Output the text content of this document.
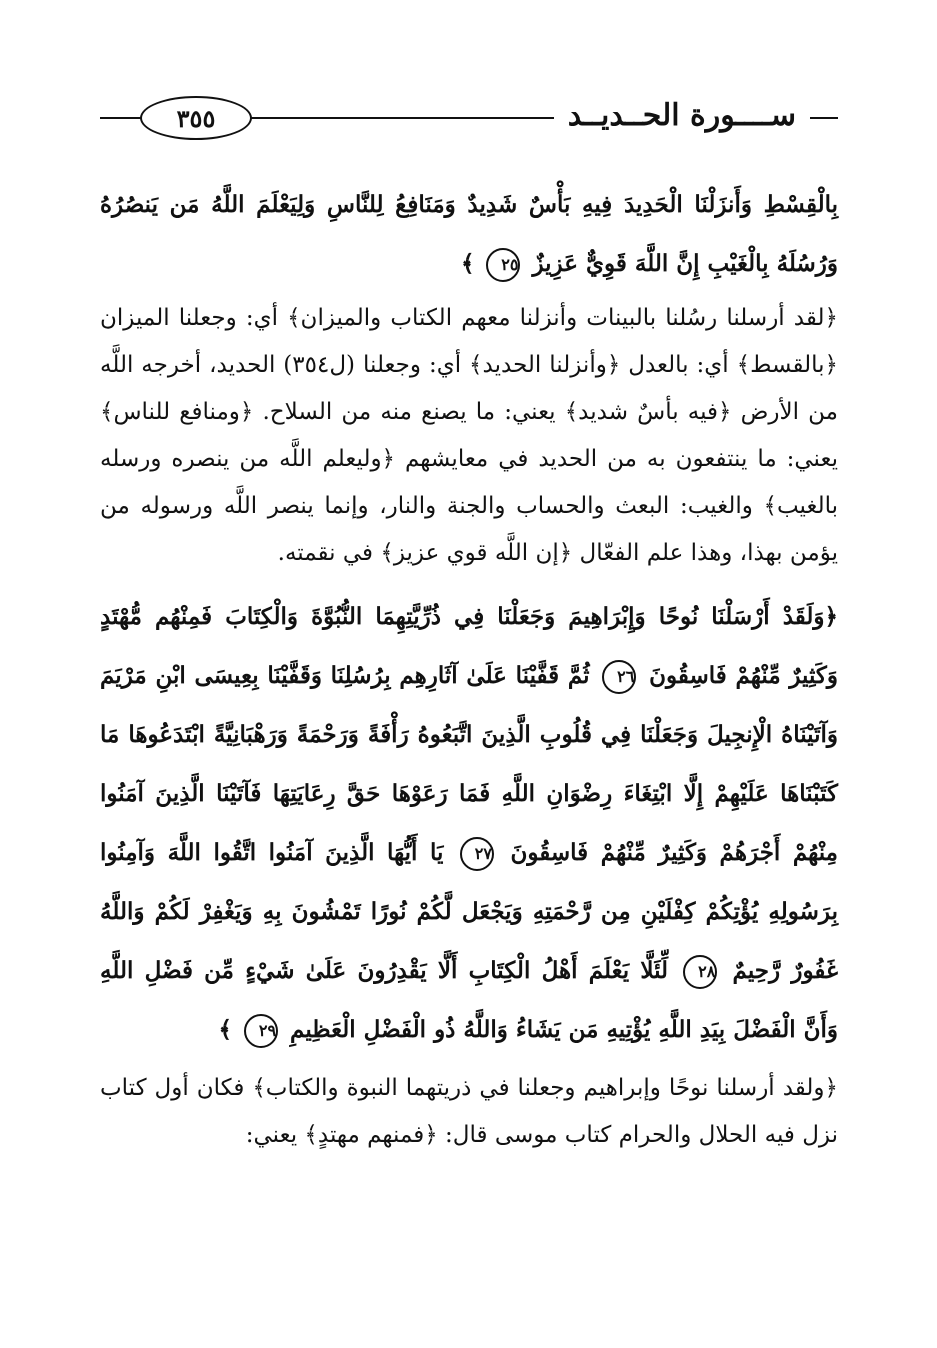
٣٥٥	ســــورة الحــديــد

بِالْقِسْطِ وَأَنزَلْنَا الْحَدِيدَ فِيهِ بَأْسٌ شَدِيدٌ وَمَنَافِعُ لِلنَّاسِ وَلِيَعْلَمَ اللَّهُ مَن يَنصُرُهُ وَرُسُلَهُ بِالْغَيْبِ إِنَّ اللَّهَ قَوِيٌّ عَزِيزٌ ٢٥ ﴾

﴿لقد أرسلنا رسُلنا بالبينات وأنزلنا معهم الكتاب والميزان﴾ أي: وجعلنا الميزان ﴿بالقسط﴾ أي: بالعدل ﴿وأنزلنا الحديد﴾ أي: وجعلنا (ل٣٥٤) الحديد، أخرجه اللَّه من الأرض ﴿فيه بأسٌ شديد﴾ يعني: ما يصنع منه من السلاح. ﴿ومنافع للناس﴾ يعني: ما ينتفعون به من الحديد في معايشهم ﴿وليعلم اللَّه من ينصره ورسله بالغيب﴾ والغيب: البعث والحساب والجنة والنار، وإنما ينصر اللَّه ورسوله من يؤمن بهذا، وهذا علم الفعّال ﴿إن اللَّه قوي عزيز﴾ في نقمته.

﴿وَلَقَدْ أَرْسَلْنَا نُوحًا وَإِبْرَاهِيمَ وَجَعَلْنَا فِي ذُرِّيَّتِهِمَا النُّبُوَّةَ وَالْكِتَابَ فَمِنْهُم مُّهْتَدٍ وَكَثِيرٌ مِّنْهُمْ فَاسِقُونَ ٢٦ ثُمَّ قَفَّيْنَا عَلَىٰ آثَارِهِم بِرُسُلِنَا وَقَفَّيْنَا بِعِيسَى ابْنِ مَرْيَمَ وَآتَيْنَاهُ الْإِنجِيلَ وَجَعَلْنَا فِي قُلُوبِ الَّذِينَ اتَّبَعُوهُ رَأْفَةً وَرَحْمَةً وَرَهْبَانِيَّةً ابْتَدَعُوهَا مَا كَتَبْنَاهَا عَلَيْهِمْ إِلَّا ابْتِغَاءَ رِضْوَانِ اللَّهِ فَمَا رَعَوْهَا حَقَّ رِعَايَتِهَا فَآتَيْنَا الَّذِينَ آمَنُوا مِنْهُمْ أَجْرَهُمْ وَكَثِيرٌ مِّنْهُمْ فَاسِقُونَ ٢٧ يَا أَيُّهَا الَّذِينَ آمَنُوا اتَّقُوا اللَّهَ وَآمِنُوا بِرَسُولِهِ يُؤْتِكُمْ كِفْلَيْنِ مِن رَّحْمَتِهِ وَيَجْعَل لَّكُمْ نُورًا تَمْشُونَ بِهِ وَيَغْفِرْ لَكُمْ وَاللَّهُ غَفُورٌ رَّحِيمٌ ٢٨ لِّئَلَّا يَعْلَمَ أَهْلُ الْكِتَابِ أَلَّا يَقْدِرُونَ عَلَىٰ شَيْءٍ مِّن فَضْلِ اللَّهِ وَأَنَّ الْفَضْلَ بِيَدِ اللَّهِ يُؤْتِيهِ مَن يَشَاءُ وَاللَّهُ ذُو الْفَضْلِ الْعَظِيمِ ٢٩ ﴾

﴿ولقد أرسلنا نوحًا وإبراهيم وجعلنا في ذريتهما النبوة والكتاب﴾ فكان أول كتاب نزل فيه الحلال والحرام كتاب موسى قال: ﴿فمنهم مهتدٍ﴾ يعني:
